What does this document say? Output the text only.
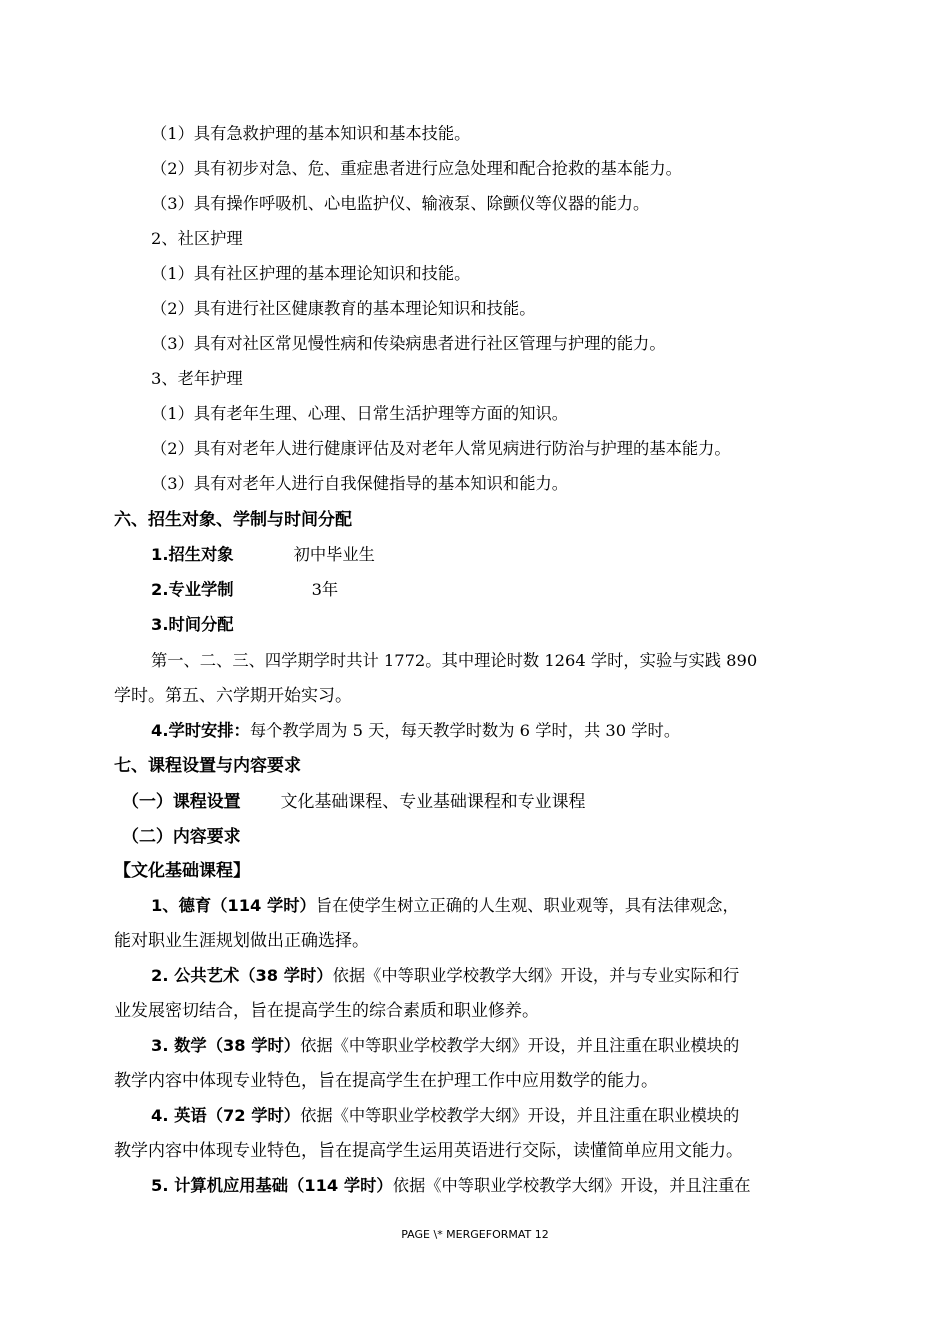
（1）具有急救护理的基本知识和基本技能。
（2）具有初步对急、危、重症患者进行应急处理和配合抢救的基本能力。
（3）具有操作呼吸机、心电监护仪、输液泵、除颤仪等仪器的能力。
2、社区护理
（1）具有社区护理的基本理论知识和技能。
（2）具有进行社区健康教育的基本理论知识和技能。
（3）具有对社区常见慢性病和传染病患者进行社区管理与护理的能力。
3、老年护理
（1）具有老年生理、心理、日常生活护理等方面的知识。
（2）具有对老年人进行健康评估及对老年人常见病进行防治与护理的基本能力。
（3）具有对老年人进行自我保健指导的基本知识和能力。
六、招生对象、学制与时间分配
1.招生对象	初中毕业生
2.专业学制	3年
3.时间分配
第一、二、三、四学期学时共计 1772。其中理论时数 1264 学时，实验与实践 890
学时。第五、六学期开始实习。
4.学时安排：每个教学周为 5 天，每天教学时数为 6 学时，共 30 学时。
七、课程设置与内容要求
（一）课程设置 文化基础课程、专业基础课程和专业课程
（二）内容要求
【文化基础课程】
1、德育（114 学时）旨在使学生树立正确的人生观、职业观等，具有法律观念，
能对职业生涯规划做出正确选择。
2. 公共艺术（38 学时）依据《中等职业学校教学大纲》开设，并与专业实际和行
业发展密切结合，旨在提高学生的综合素质和职业修养。
3. 数学（38 学时）依据《中等职业学校教学大纲》开设，并且注重在职业模块的
教学内容中体现专业特色，旨在提高学生在护理工作中应用数学的能力。
4. 英语（72 学时）依据《中等职业学校教学大纲》开设，并且注重在职业模块的
教学内容中体现专业特色，旨在提高学生运用英语进行交际，读懂简单应用文能力。
5. 计算机应用基础（114 学时）依据《中等职业学校教学大纲》开设，并且注重在
PAGE \* MERGEFORMAT 12
